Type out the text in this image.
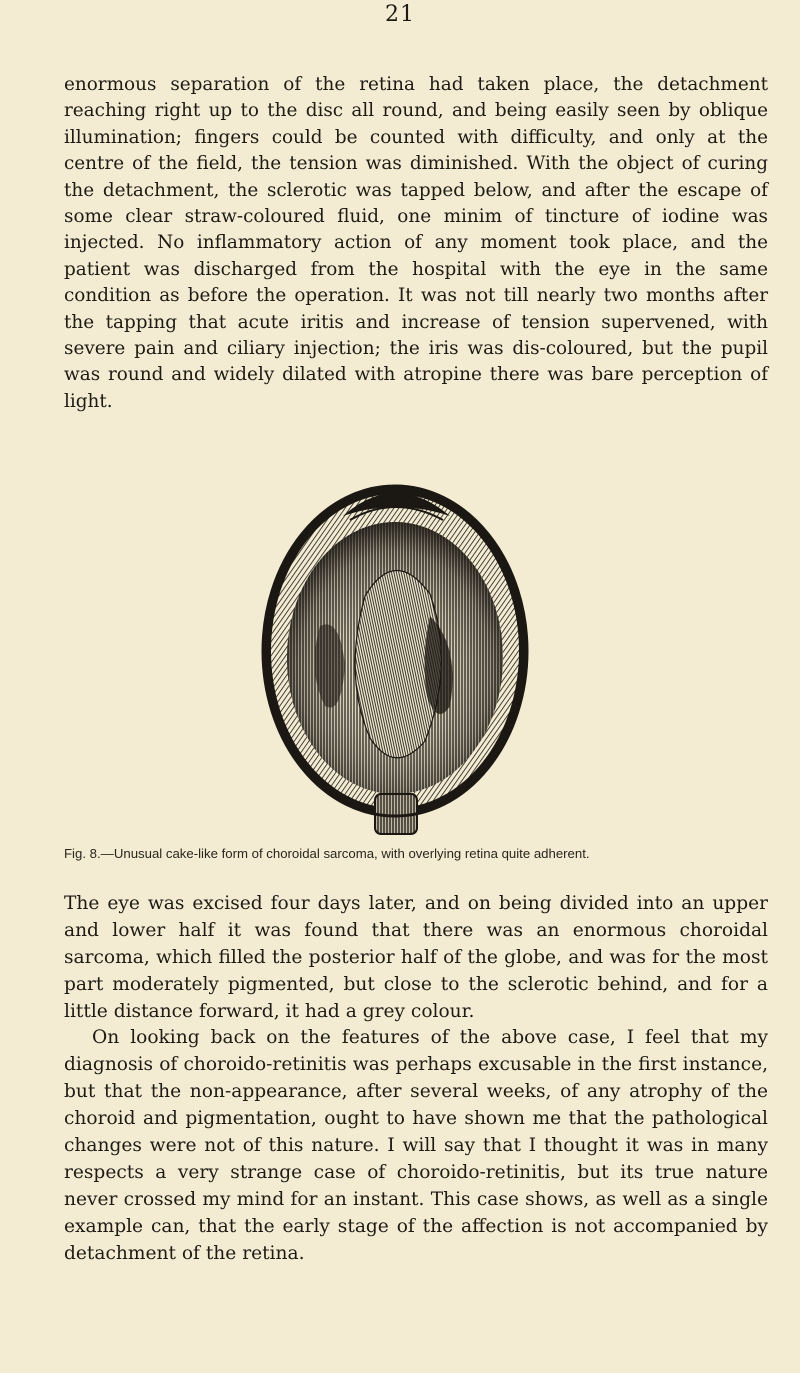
21

enormous separation of the retina had taken place, the detachment reaching right up to the disc all round, and being easily seen by oblique illumination; fingers could be counted with difficulty, and only at the centre of the field, the tension was diminished. With the object of curing the detachment, the sclerotic was tapped below, and after the escape of some clear straw-coloured fluid, one minim of tincture of iodine was injected. No inflammatory action of any moment took place, and the patient was discharged from the hospital with the eye in the same condition as before the operation. It was not till nearly two months after the tapping that acute iritis and increase of tension supervened, with severe pain and ciliary injection; the iris was dis-coloured, but the pupil was round and widely dilated with atropine there was bare perception of light.

Fig. 8.—Unusual cake-like form of choroidal sarcoma, with overlying retina quite adherent.

The eye was excised four days later, and on being divided into an upper and lower half it was found that there was an enormous choroidal sarcoma, which filled the posterior half of the globe, and was for the most part moderately pigmented, but close to the sclerotic behind, and for a little distance forward, it had a grey colour.

On looking back on the features of the above case, I feel that my diagnosis of choroido-retinitis was perhaps excusable in the first instance, but that the non-appearance, after several weeks, of any atrophy of the choroid and pigmentation, ought to have shown me that the pathological changes were not of this nature. I will say that I thought it was in many respects a very strange case of choroido-retinitis, but its true nature never crossed my mind for an instant. This case shows, as well as a single example can, that the early stage of the affection is not accompanied by detachment of the retina.
